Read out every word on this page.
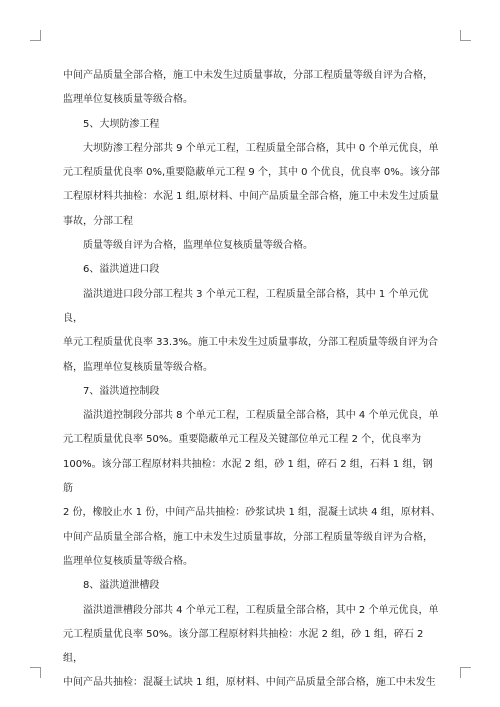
中间产品质量全部合格，施工中未发生过质量事故，分部工程质量等级自评为合格，

监理单位复核质量等级合格。

5、大坝防渗工程

大坝防渗工程分部共 9 个单元工程，工程质量全部合格，其中 0 个单元优良，单

元工程质量优良率 0%,重要隐蔽单元工程 9 个，其中 0 个优良，优良率 0%。该分部

工程原材料共抽检：水泥 1 组,原材料、中间产品质量全部合格，施工中未发生过质量

事故，分部工程

质量等级自评为合格，监理单位复核质量等级合格。

6、溢洪道进口段

溢洪道进口段分部工程共 3 个单元工程，工程质量全部合格，其中 1 个单元优良，

单元工程质量优良率 33.3%。施工中未发生过质量事故，分部工程质量等级自评为合

格，监理单位复核质量等级合格。

7、溢洪道控制段

溢洪道控制段分部共 8 个单元工程，工程质量全部合格，其中 4 个单元优良，单

元工程质量优良率 50%。重要隐蔽单元工程及关键部位单元工程 2 个，优良率为

100%。该分部工程原材料共抽检：水泥 2 组，砂 1 组，碎石 2 组，石料 1 组，钢筋

2 份，橡胶止水 1 份，中间产品共抽检：砂浆试块 1 组，混凝土试块 4 组，原材料、

中间产品质量全部合格，施工中未发生过质量事故，分部工程质量等级自评为合格，

监理单位复核质量等级合格。

8、溢洪道泄槽段

溢洪道泄槽段分部共 4 个单元工程，工程质量全部合格，其中 2 个单元优良，单

元工程质量优良率 50%。该分部工程原材料共抽检：水泥 2 组，砂 1 组，碎石 2 组，

中间产品共抽检：混凝土试块 1 组，原材料、中间产品质量全部合格，施工中未发生
